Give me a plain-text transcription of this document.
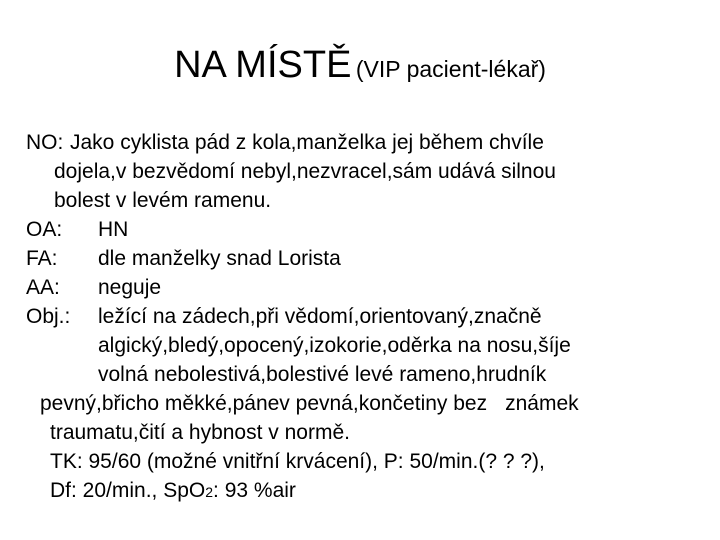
NA MÍSTĚ (VIP pacient-lékař)
NO: Jako cyklista pád z kola,manželka jej během chvíle
dojela,v bezvědomí nebyl,nezvracel,sám udává silnou
bolest v levém ramenu.
OA: HN
FA: dle manželky snad Lorista
AA: neguje
Obj.: ležící na zádech,při vědomí,orientovaný,značně
algický,bledý,opocený,izokorie,oděrka na nosu,šíje
volná nebolestivá,bolestivé levé rameno,hrudník
pevný,břicho měkké,pánev pevná,končetiny bez známek
traumatu,čití a hybnost v normě.
TK: 95/60 (možné vnitřní krvácení), P: 50/min.(? ? ?),
Df: 20/min., SpO2: 93 %air
